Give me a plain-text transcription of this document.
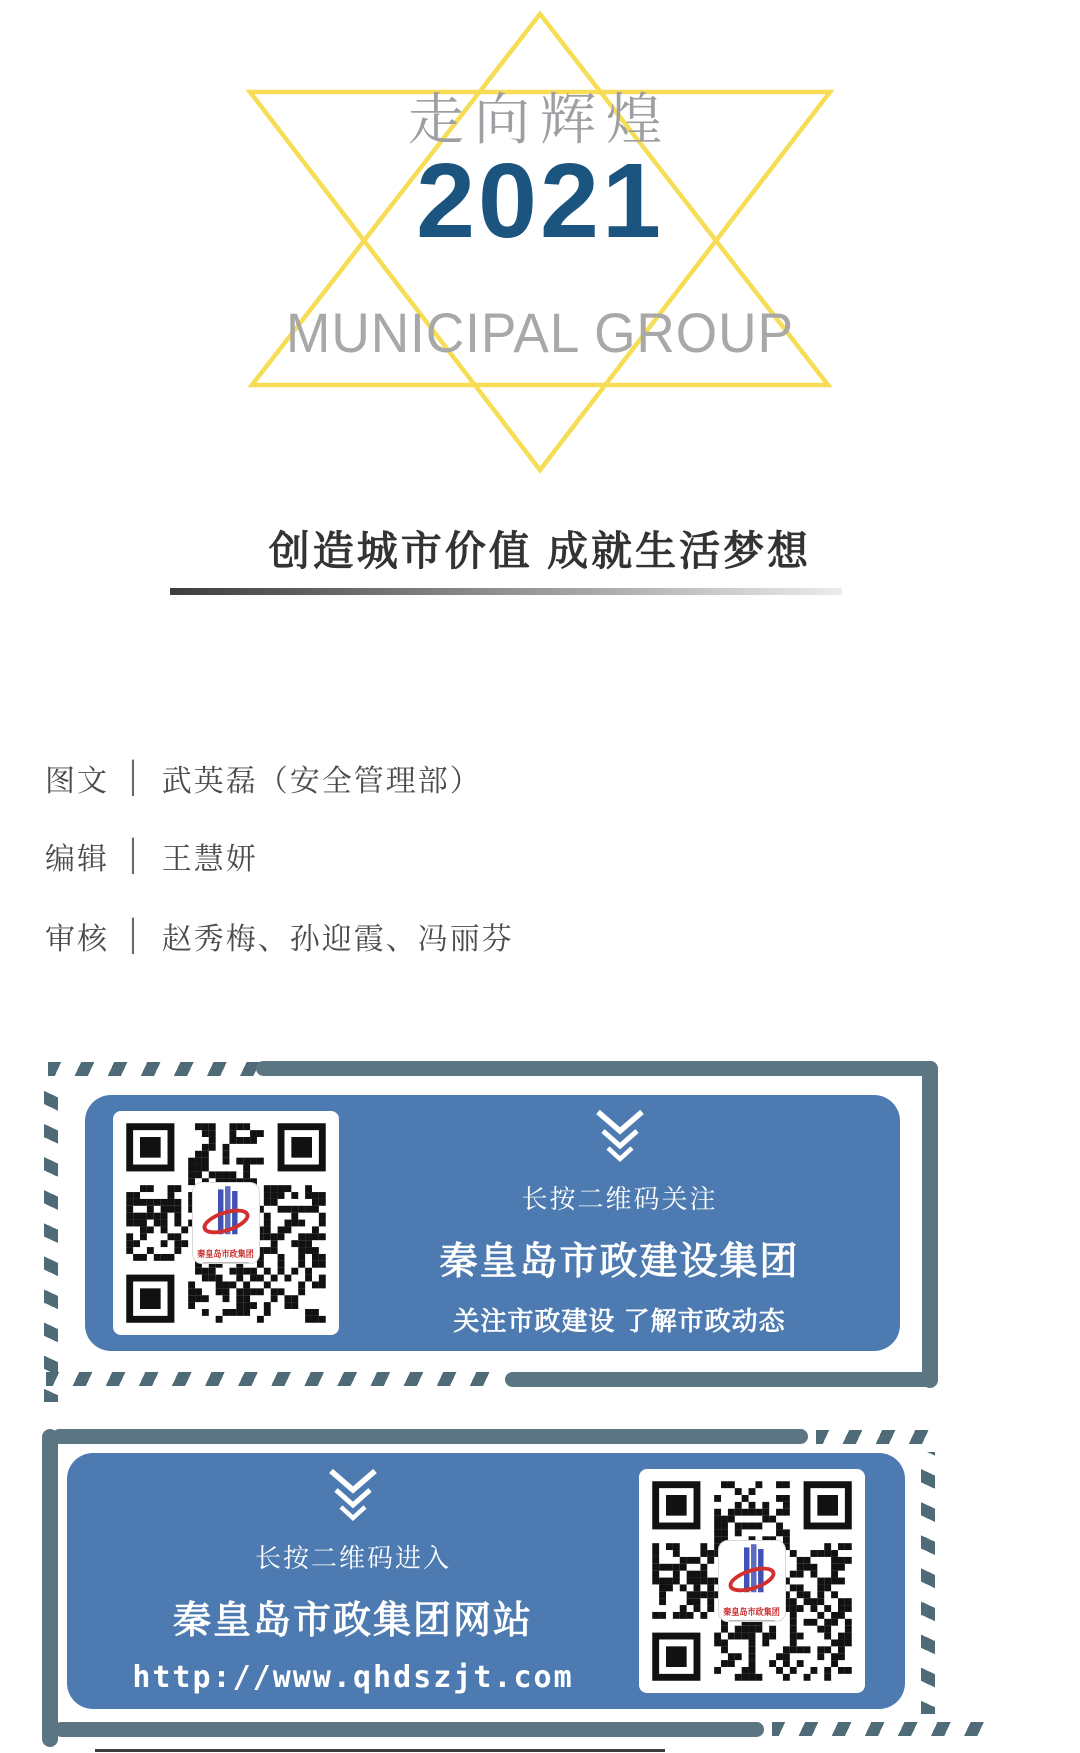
走向辉煌
2021
MUNICIPAL GROUP
创造城市价值 成就生活梦想
图文 │ 武英磊（安全管理部）
编辑 │ 王慧妍
审核 │ 赵秀梅、孙迎霞、冯丽芬
秦皇岛市政集团
长按二维码关注
秦皇岛市政建设集团
关注市政建设 了解市政动态
长按二维码进入
秦皇岛市政集团网站
http://www.qhdszjt.com
秦皇岛市政集团
